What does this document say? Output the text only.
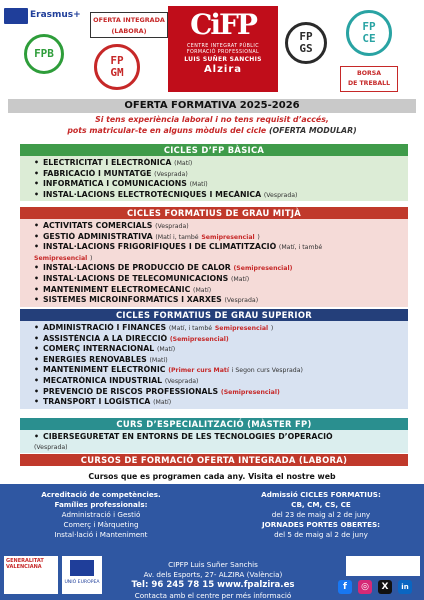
Erasmus+	OFERTA INTEGRADA
(LABORA)
FPB
FP
GM
CiFP
CENTRE INTEGRAT PÚBLIC
FORMACIÓ PROFESSIONAL
LUIS SUÑER SANCHIS
Alzira
FP
GS
FP
CE
BORSA
DE TREBALL
OFERTA FORMATIVA 2025-2026
Si tens experiència laboral i no tens requisit d’accés,
pots matricular-te en alguns mòduls del cicle (OFERTA MODULAR)
CICLES D’FP BÀSICA
• ELECTRICITAT I ELECTRÒNICA (Matí)
• FABRICACIÓ I MUNTATGE (Vesprada)
• INFORMÀTICA I COMUNICACIONS (Matí)
• INSTAL·LACIONS ELECTROTÈCNIQUES I MECÀNICA (Vesprada)
CICLES FORMATIUS DE GRAU MITJÀ
• ACTIVITATS COMERCIALS (Vesprada)
• GESTIÓ ADMINISTRATIVA (Matí i, també Semipresencial )
• INSTAL·LACIONS FRIGORÍFIQUES I DE CLIMATITZACIÓ (Matí, i també
Semipresencial )
• INSTAL·LACIONS DE PRODUCCIÓ DE CALOR (Semipresencial)
• INSTAL·LACIONS DE TELECOMUNICACIONS (Matí)
• MANTENIMENT ELECTROMECÀNIC (Matí)
• SISTEMES MICROINFORMÀTICS I XARXES (Vesprada)
CICLES FORMATIUS DE GRAU SUPERIOR
• ADMINISTRACIÓ I FINANCES (Matí, i també Semipresencial )
• ASSISTÈNCIA A LA DIRECCIÓ (Semipresencial)
• COMERÇ INTERNACIONAL (Matí)
• ENERGIES RENOVABLES (Matí)
• MANTENIMENT ELECTRÒNIC (Primer curs Matí i Segon curs Vesprada)
• MECATRÒNICA INDUSTRIAL (Vesprada)
• PREVENCIÓ DE RISCOS PROFESSIONALS (Semipresencial)
• TRANSPORT I LOGÍSTICA (Matí)
CURS D’ESPECIALITZACIÓ (MÀSTER FP)
• CIBERSEGURETAT EN ENTORNS DE LES TECNOLOGIES D’OPERACIÓ
(Vesprada)
CURSOS DE FORMACIÓ OFERTA INTEGRADA (LABORA)
Cursos que es programen cada any. Visita el nostre web
Acreditació de competències.
Famílies professionals:
Administració i Gestió
Comerç i Màrqueting
Instal·lació i Manteniment
Admissió CICLES FORMATIUS:
CB, CM, CS, CE
del 23 de maig al 2 de juny
JORNADES PORTES OBERTES:
del 5 de maig al 2 de juny
GENERALITAT VALENCIANA
UNIÓ EUROPEA
CIPFP Luis Suñer Sanchis
Av. dels Esports, 27- ALZIRA (València)
Tel: 96 245 78 15 www.fpalzira.es
Contacta amb el centre per més informació
f	◎	X	in
